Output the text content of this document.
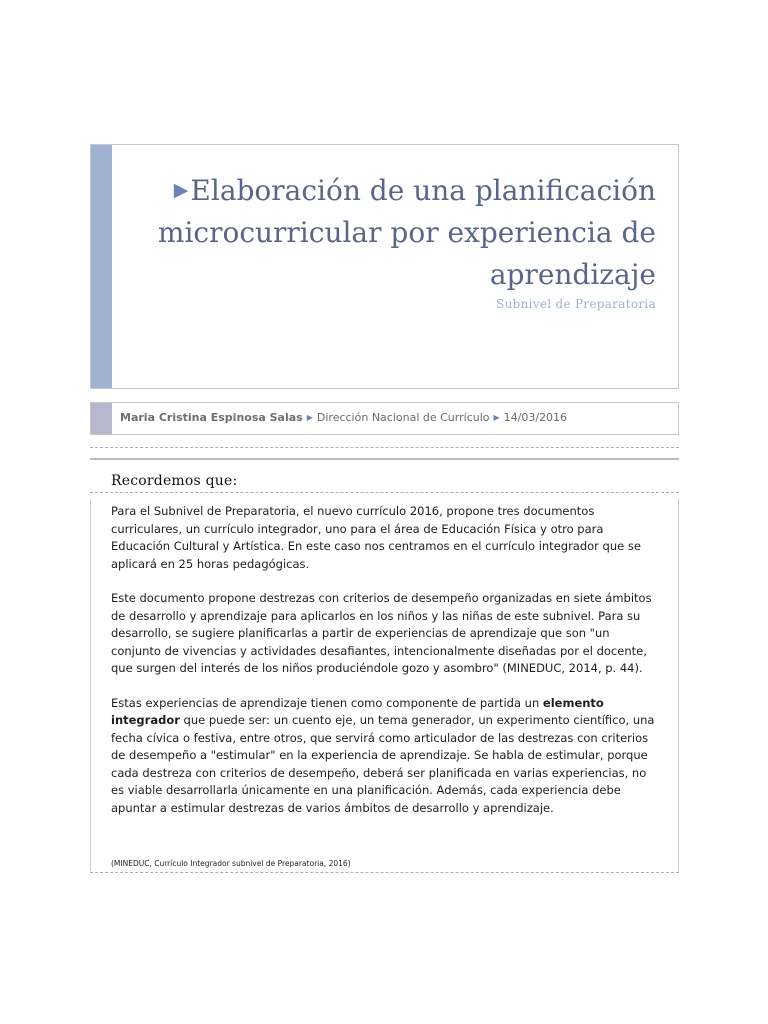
▶Elaboración de una planificación microcurricular por experiencia de aprendizaje
Subnivel de Preparatoria
Maria Cristina Espinosa Salas ▶ Dirección Nacional de Currículo ▶ 14/03/2016
Recordemos que:

Para el Subnivel de Preparatoria, el nuevo currículo 2016, propone tres documentos curriculares, un currículo integrador, uno para el área de Educación Física y otro para Educación Cultural y Artística. En este caso nos centramos en el currículo integrador que se aplicará en 25 horas pedagógicas.

Este documento propone destrezas con criterios de desempeño organizadas en siete ámbitos de desarrollo y aprendizaje para aplicarlos en los niños y las niñas de este subnivel. Para su desarrollo, se sugiere planificarlas a partir de experiencias de aprendizaje que son "un conjunto de vivencias y actividades desafiantes, intencionalmente diseñadas por el docente, que surgen del interés de los niños produciéndole gozo y asombro" (MINEDUC, 2014, p. 44).

Estas experiencias de aprendizaje tienen como componente de partida un elemento integrador que puede ser: un cuento eje, un tema generador, un experimento científico, una fecha cívica o festiva, entre otros, que servirá como articulador de las destrezas con criterios de desempeño a "estimular" en la experiencia de aprendizaje. Se habla de estimular, porque cada destreza con criterios de desempeño, deberá ser planificada en varias experiencias, no es viable desarrollarla únicamente en una planificación. Además, cada experiencia debe apuntar a estimular destrezas de varios ámbitos de desarrollo y aprendizaje.

(MINEDUC, Currículo Integrador subnivel de Preparatoria, 2016)
